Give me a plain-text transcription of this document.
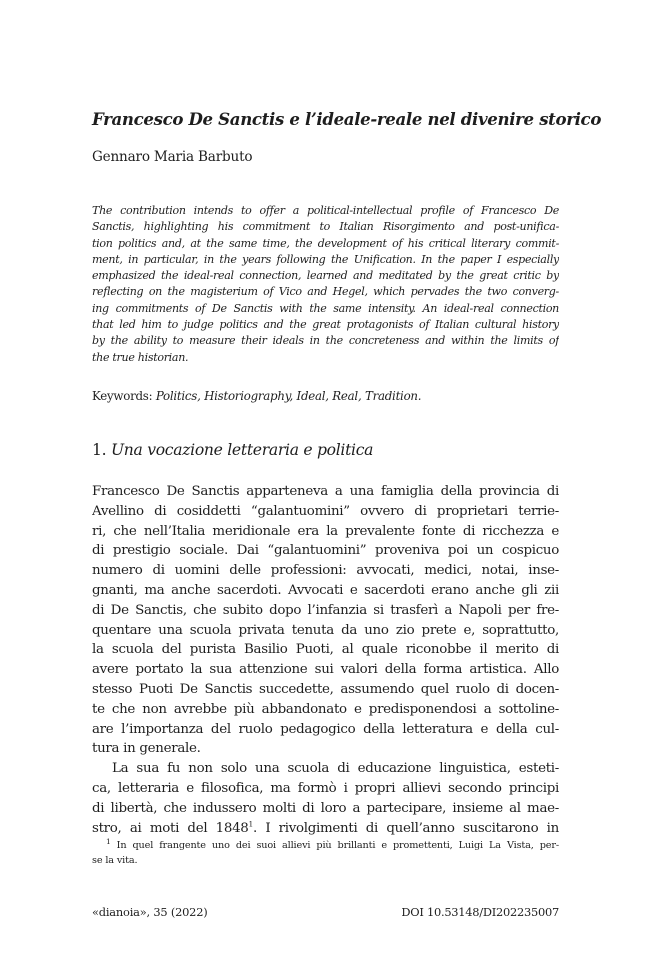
Francesco De Sanctis e l’ideale-reale nel divenire storico
Gennaro Maria Barbuto
The contribution intends to offer a political-intellectual profile of Francesco De
Sanctis, highlighting his commitment to Italian Risorgimento and post-unifica-
tion politics and, at the same time, the development of his critical literary commit-
ment, in particular, in the years following the Unification. In the paper I especially
emphasized the ideal-real connection, learned and meditated by the great critic by
reflecting on the magisterium of Vico and Hegel, which pervades the two converg-
ing commitments of De Sanctis with the same intensity. An ideal-real connection
that led him to judge politics and the great protagonists of Italian cultural history
by the ability to measure their ideals in the concreteness and within the limits of
the true historian.
Keywords: Politics, Historiography, Ideal, Real, Tradition.
1. Una vocazione letteraria e politica
Francesco De Sanctis apparteneva a una famiglia della provincia di
Avellino di cosiddetti “galantuomini” ovvero di proprietari terrie-
ri, che nell’Italia meridionale era la prevalente fonte di ricchezza e
di prestigio sociale. Dai “galantuomini” proveniva poi un cospicuo
numero di uomini delle professioni: avvocati, medici, notai, inse-
gnanti, ma anche sacerdoti. Avvocati e sacerdoti erano anche gli zii
di De Sanctis, che subito dopo l’infanzia si trasferì a Napoli per fre-
quentare una scuola privata tenuta da uno zio prete e, soprattutto,
la scuola del purista Basilio Puoti, al quale riconobbe il merito di
avere portato la sua attenzione sui valori della forma artistica. Allo
stesso Puoti De Sanctis succedette, assumendo quel ruolo di docen-
te che non avrebbe più abbandonato e predisponendosi a sottoline-
are l’importanza del ruolo pedagogico della letteratura e della cul-
tura in generale.
La sua fu non solo una scuola di educazione linguistica, esteti-
ca, letteraria e filosofica, ma formò i propri allievi secondo principi
di libertà, che indussero molti di loro a partecipare, insieme al mae-
stro, ai moti del 1848$^1$. I rivolgimenti di quell’anno suscitarono in
$^1$ In quel frangente uno dei suoi allievi più brillanti e promettenti, Luigi La Vista, per-
se la vita.
«dianoia», 35 (2022)	DOI 10.53148/DI202235007
